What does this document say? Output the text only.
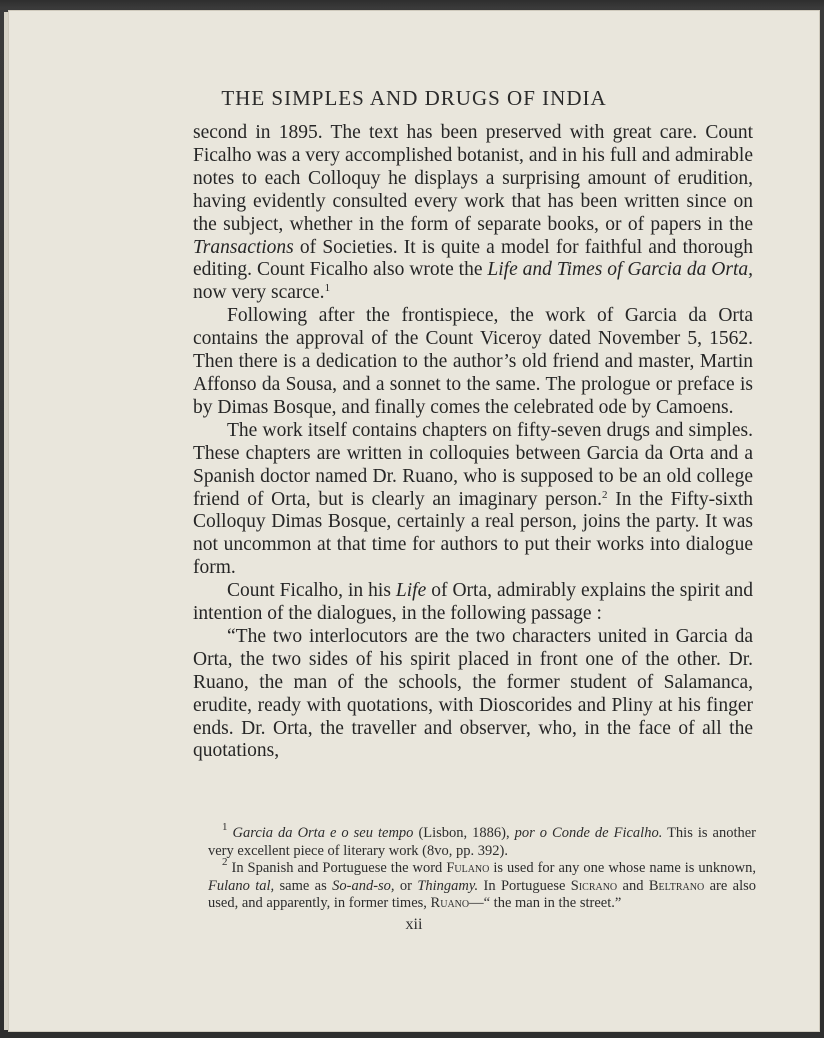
THE SIMPLES AND DRUGS OF INDIA

second in 1895. The text has been preserved with great care. Count Ficalho was a very accomplished botanist, and in his full and admirable notes to each Colloquy he displays a surprising amount of erudition, having evidently consulted every work that has been written since on the subject, whether in the form of separate books, or of papers in the Transactions of Societies. It is quite a model for faithful and thorough editing. Count Ficalho also wrote the Life and Times of Garcia da Orta, now very scarce.$^1$

Following after the frontispiece, the work of Garcia da Orta contains the approval of the Count Viceroy dated November 5, 1562. Then there is a dedication to the author’s old friend and master, Martin Affonso da Sousa, and a sonnet to the same. The prologue or preface is by Dimas Bosque, and finally comes the celebrated ode by Camoens.

The work itself contains chapters on fifty-seven drugs and simples. These chapters are written in colloquies between Garcia da Orta and a Spanish doctor named Dr. Ruano, who is supposed to be an old college friend of Orta, but is clearly an imaginary person.$^2$ In the Fifty-sixth Colloquy Dimas Bosque, certainly a real person, joins the party. It was not uncommon at that time for authors to put their works into dialogue form.

Count Ficalho, in his Life of Orta, admirably explains the spirit and intention of the dialogues, in the following passage :

“The two interlocutors are the two characters united in Garcia da Orta, the two sides of his spirit placed in front one of the other. Dr. Ruano, the man of the schools, the former student of Salamanca, erudite, ready with quotations, with Dioscorides and Pliny at his finger ends. Dr. Orta, the traveller and observer, who, in the face of all the quotations,

$^1$ Garcia da Orta e o seu tempo (Lisbon, 1886), por o Conde de Ficalho. This is another very excellent piece of literary work (8vo, pp. 392).

$^2$ In Spanish and Portuguese the word Fulano is used for any one whose name is unknown, Fulano tal, same as So-and-so, or Thingamy. In Portuguese Sicrano and Beltrano are also used, and apparently, in former times, Ruano—“ the man in the street.”

xii
